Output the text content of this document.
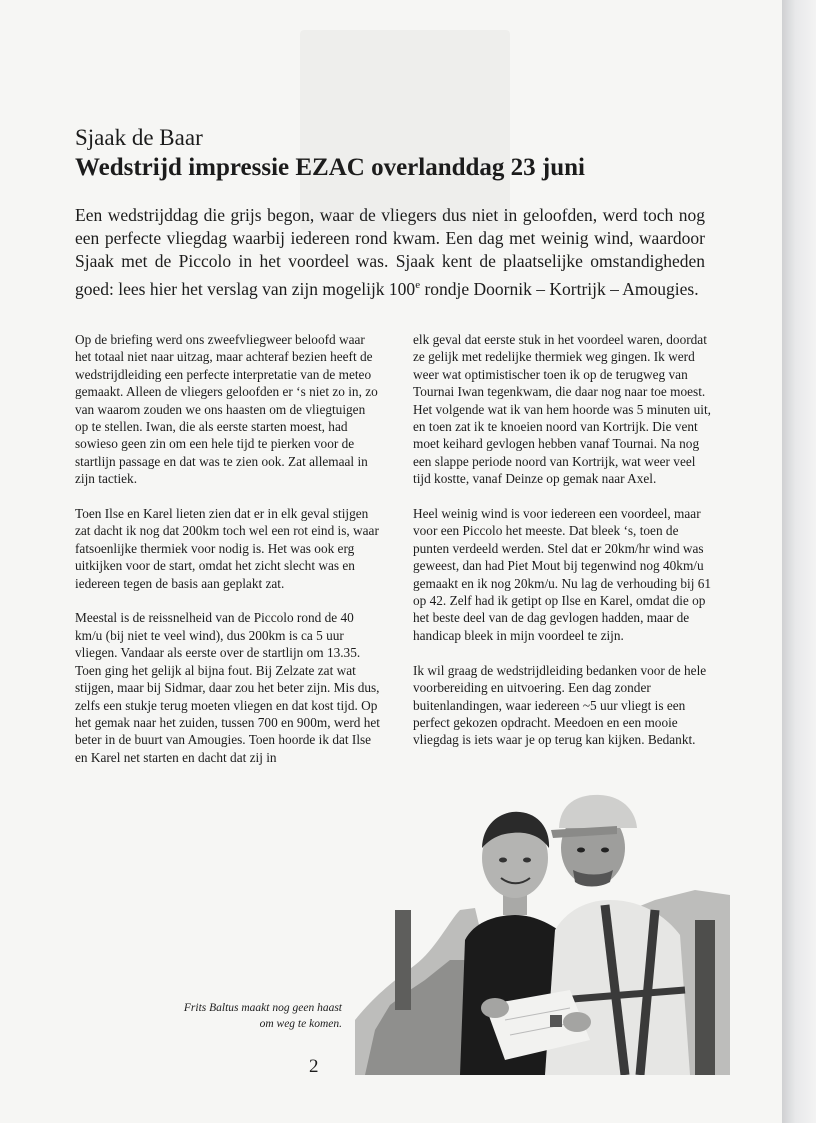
Sjaak de Baar
Wedstrijd impressie EZAC overlanddag 23 juni

Een wedstrijddag die grijs begon, waar de vliegers dus niet in geloofden, werd toch nog een perfecte vliegdag waarbij iedereen rond kwam. Een dag met weinig wind, waardoor Sjaak met de Piccolo in het voordeel was. Sjaak kent de plaatselijke omstandigheden goed: lees hier het verslag van zijn mogelijk 100e rondje Doornik – Kortrijk – Amougies.

Op de briefing werd ons zweefvliegweer beloofd waar het totaal niet naar uitzag, maar achteraf bezien heeft de wedstrijdleiding een perfecte interpretatie van de meteo gemaakt. Alleen de vliegers geloofden er ‘s niet zo in, zo van waarom zouden we ons haasten om de vliegtuigen op te stellen. Iwan, die als eerste starten moest, had sowieso geen zin om een hele tijd te pierken voor de startlijn passage en dat was te zien ook. Zat allemaal in zijn tactiek.

Toen Ilse en Karel lieten zien dat er in elk geval stijgen zat dacht ik nog dat 200km toch wel een rot eind is, waar fatsoenlijke thermiek voor nodig is. Het was ook erg uitkijken voor de start, omdat het zicht slecht was en iedereen tegen de basis aan geplakt zat.

Meestal is de reissnelheid van de Piccolo rond de 40 km/u (bij niet te veel wind), dus 200km is ca 5 uur vliegen. Vandaar als eerste over de startlijn om 13.35. Toen ging het gelijk al bijna fout. Bij Zelzate zat wat stijgen, maar bij Sidmar, daar zou het beter zijn. Mis dus, zelfs een stukje terug moeten vliegen en dat kost tijd. Op het gemak naar het zuiden, tussen 700 en 900m, werd het beter in de buurt van Amougies. Toen hoorde ik dat Ilse en Karel net starten en dacht dat zij in

elk geval dat eerste stuk in het voordeel waren, doordat ze gelijk met redelijke thermiek weg gingen. Ik werd weer wat optimistischer toen ik op de terugweg van Tournai Iwan tegenkwam, die daar nog naar toe moest. Het volgende wat ik van hem hoorde was 5 minuten uit, en toen zat ik te knoeien noord van Kortrijk. Die vent moet keihard gevlogen hebben vanaf Tournai. Na nog een slappe periode noord van Kortrijk, wat weer veel tijd kostte, vanaf Deinze op gemak naar Axel.

Heel weinig wind is voor iedereen een voordeel, maar voor een Piccolo het meeste. Dat bleek ‘s, toen de punten verdeeld werden. Stel dat er 20km/hr wind was geweest, dan had Piet Mout bij tegenwind nog 40km/u gemaakt en ik nog 20km/u. Nu lag de verhouding bij 61 op 42. Zelf had ik getipt op Ilse en Karel, omdat die op het beste deel van de dag gevlogen hadden, maar de handicap bleek in mijn voordeel te zijn.

Ik wil graag de wedstrijdleiding bedanken voor de hele voorbereiding en uitvoering. Een dag zonder buitenlandingen, waar iedereen ~5 uur vliegt is een perfect gekozen opdracht. Meedoen en een mooie vliegdag is iets waar je op terug kan kijken. Bedankt.

Frits Baltus maakt nog geen haast om weg te komen.
2
